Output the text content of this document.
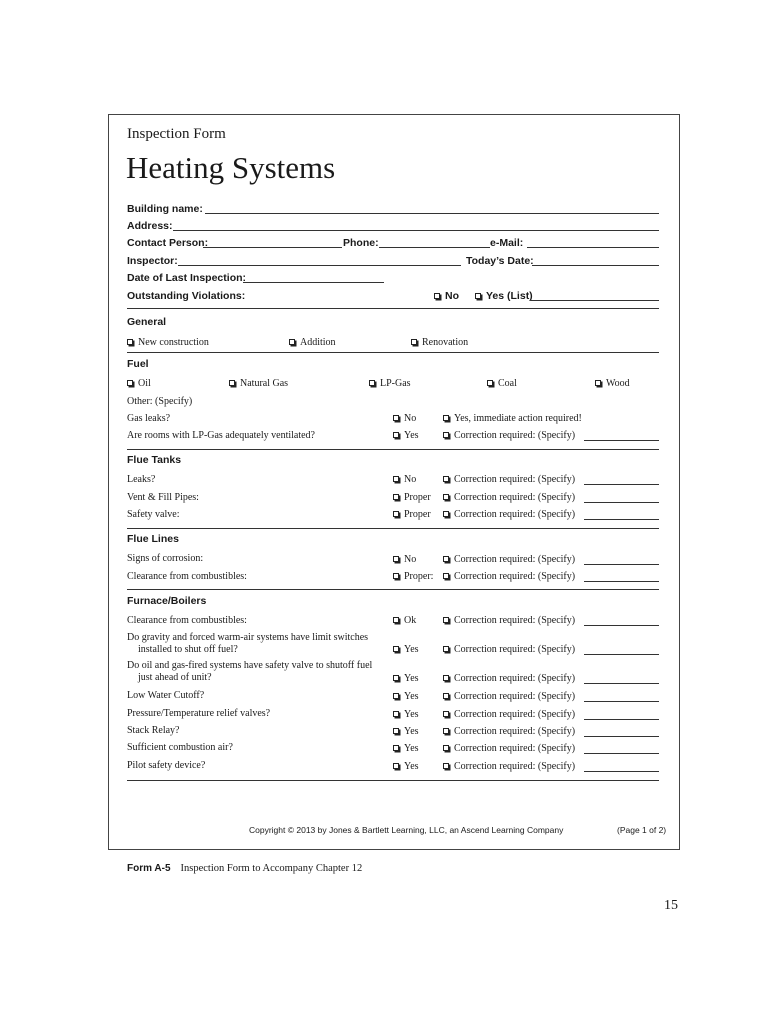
Inspection Form
Heating Systems
Building name:
Address:
Contact Person:	Phone:	e-Mail:
Inspector:	Today’s Date:
Date of Last Inspection:
Outstanding Violations:	No	Yes (List)
General
New construction	Addition	Renovation
Fuel
Oil	Natural Gas	LP-Gas	Coal	Wood
Other: (Specify)
Gas leaks?	No	Yes, immediate action required!
Are rooms with LP-Gas adequately ventilated?	Yes	Correction required: (Specify)
Flue Tanks
Leaks?	No	Correction required: (Specify)
Vent & Fill Pipes:	Proper	Correction required: (Specify)
Safety valve:	Proper	Correction required: (Specify)
Flue Lines
Signs of corrosion:	No	Correction required: (Specify)
Clearance from combustibles:	Proper:	Correction required: (Specify)
Furnace/Boilers
Clearance from combustibles:	Ok	Correction required: (Specify)
Do gravity and forced warm-air systems have limit switches
installed to shut off fuel?	Yes	Correction required: (Specify)
Do oil and gas-fired systems have safety valve to shutoff fuel
just ahead of unit?	Yes	Correction required: (Specify)
Low Water Cutoff?	Yes	Correction required: (Specify)
Pressure/Temperature relief valves?	Yes	Correction required: (Specify)
Stack Relay?	Yes	Correction required: (Specify)
Sufficient combustion air?	Yes	Correction required: (Specify)
Pilot safety device?	Yes	Correction required: (Specify)
Copyright © 2013 by Jones & Bartlett Learning, LLC, an Ascend Learning Company	(Page 1 of 2)
Form A-5 Inspection Form to Accompany Chapter 12
15
